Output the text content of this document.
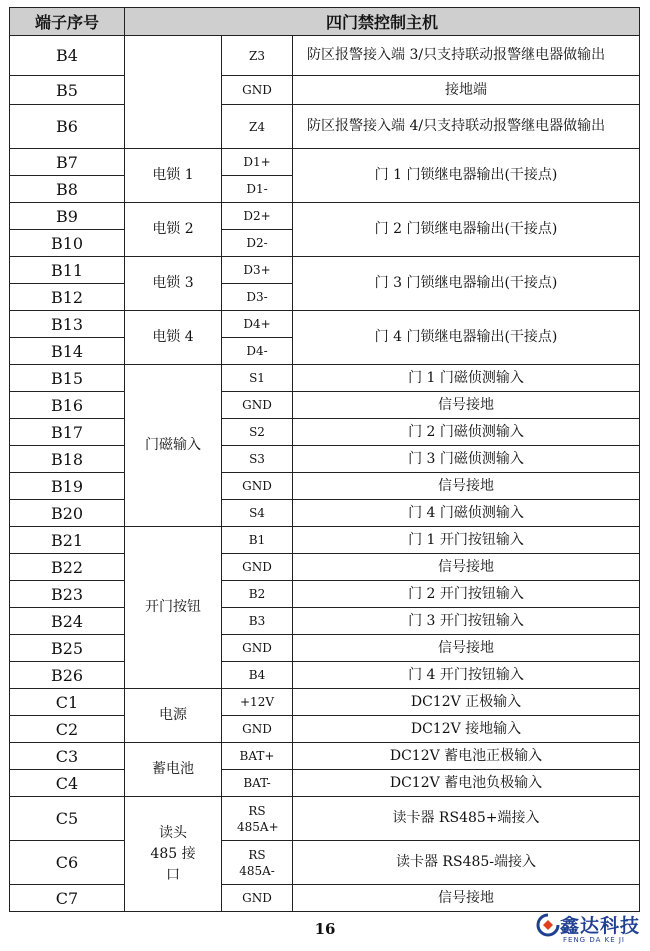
端子序号	四门禁控制主机		
B4		Z3	防区报警接入端 3/只支持联动报警继电器做输出
B5		GND	接地端
B6		Z4	防区报警接入端 4/只支持联动报警继电器做输出
B7	电锁 1	D1+	门 1 门锁继电器输出(干接点)
B8		D1-	
B9	电锁 2	D2+	门 2 门锁继电器输出(干接点)
B10		D2-	
B11	电锁 3	D3+	门 3 门锁继电器输出(干接点)
B12		D3-	
B13	电锁 4	D4+	门 4 门锁继电器输出(干接点)
B14		D4-	
B15	门磁输入	S1	门 1 门磁侦测输入
B16		GND	信号接地
B17		S2	门 2 门磁侦测输入
B18		S3	门 3 门磁侦测输入
B19		GND	信号接地
B20		S4	门 4 门磁侦测输入
B21	开门按钮	B1	门 1 开门按钮输入
B22		GND	信号接地
B23		B2	门 2 开门按钮输入
B24		B3	门 3 开门按钮输入
B25		GND	信号接地
B26		B4	门 4 开门按钮输入
C1	电源	+12V	DC12V 正极输入
C2		GND	DC12V 接地输入
C3	蓄电池	BAT+	DC12V 蓄电池正极输入
C4		BAT-	DC12V 蓄电池负极输入
C5	读头 485 接口	RS 485A+	读卡器 RS485+端接入
C6		RS 485A-	读卡器 RS485-端接入
C7		GND	信号接地
16	鑫达科技
FENG DA KE JI
